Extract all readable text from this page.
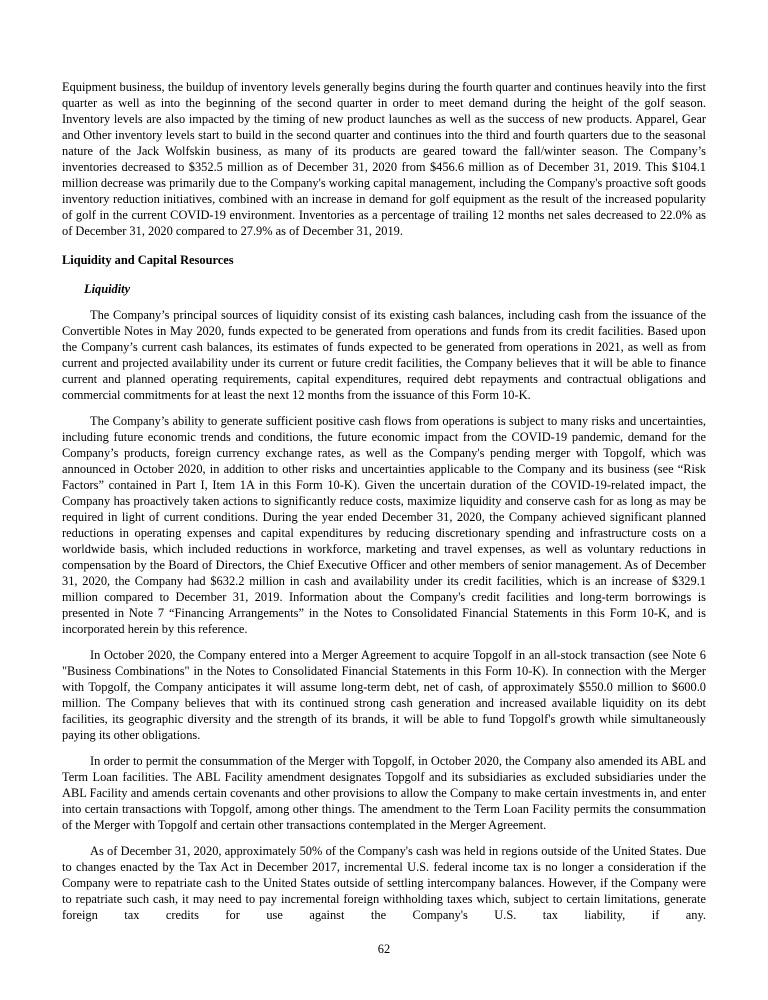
Equipment business, the buildup of inventory levels generally begins during the fourth quarter and continues heavily into the first quarter as well as into the beginning of the second quarter in order to meet demand during the height of the golf season. Inventory levels are also impacted by the timing of new product launches as well as the success of new products. Apparel, Gear and Other inventory levels start to build in the second quarter and continues into the third and fourth quarters due to the seasonal nature of the Jack Wolfskin business, as many of its products are geared toward the fall/winter season. The Company’s inventories decreased to $352.5 million as of December 31, 2020 from $456.6 million as of December 31, 2019. This $104.1 million decrease was primarily due to the Company's working capital management, including the Company's proactive soft goods inventory reduction initiatives, combined with an increase in demand for golf equipment as the result of the increased popularity of golf in the current COVID-19 environment. Inventories as a percentage of trailing 12 months net sales decreased to 22.0% as of December 31, 2020 compared to 27.9% as of December 31, 2019.

Liquidity and Capital Resources
Liquidity

The Company’s principal sources of liquidity consist of its existing cash balances, including cash from the issuance of the Convertible Notes in May 2020, funds expected to be generated from operations and funds from its credit facilities. Based upon the Company’s current cash balances, its estimates of funds expected to be generated from operations in 2021, as well as from current and projected availability under its current or future credit facilities, the Company believes that it will be able to finance current and planned operating requirements, capital expenditures, required debt repayments and contractual obligations and commercial commitments for at least the next 12 months from the issuance of this Form 10-K.

The Company’s ability to generate sufficient positive cash flows from operations is subject to many risks and uncertainties, including future economic trends and conditions, the future economic impact from the COVID-19 pandemic, demand for the Company’s products, foreign currency exchange rates, as well as the Company's pending merger with Topgolf, which was announced in October 2020, in addition to other risks and uncertainties applicable to the Company and its business (see “Risk Factors” contained in Part I, Item 1A in this Form 10-K). Given the uncertain duration of the COVID-19-related impact, the Company has proactively taken actions to significantly reduce costs, maximize liquidity and conserve cash for as long as may be required in light of current conditions. During the year ended December 31, 2020, the Company achieved significant planned reductions in operating expenses and capital expenditures by reducing discretionary spending and infrastructure costs on a worldwide basis, which included reductions in workforce, marketing and travel expenses, as well as voluntary reductions in compensation by the Board of Directors, the Chief Executive Officer and other members of senior management. As of December 31, 2020, the Company had $632.2 million in cash and availability under its credit facilities, which is an increase of $329.1 million compared to December 31, 2019. Information about the Company's credit facilities and long-term borrowings is presented in Note 7 “Financing Arrangements” in the Notes to Consolidated Financial Statements in this Form 10-K, and is incorporated herein by this reference.

In October 2020, the Company entered into a Merger Agreement to acquire Topgolf in an all-stock transaction (see Note 6 "Business Combinations" in the Notes to Consolidated Financial Statements in this Form 10-K). In connection with the Merger with Topgolf, the Company anticipates it will assume long-term debt, net of cash, of approximately $550.0 million to $600.0 million. The Company believes that with its continued strong cash generation and increased available liquidity on its debt facilities, its geographic diversity and the strength of its brands, it will be able to fund Topgolf's growth while simultaneously paying its other obligations.

In order to permit the consummation of the Merger with Topgolf, in October 2020, the Company also amended its ABL and Term Loan facilities. The ABL Facility amendment designates Topgolf and its subsidiaries as excluded subsidiaries under the ABL Facility and amends certain covenants and other provisions to allow the Company to make certain investments in, and enter into certain transactions with Topgolf, among other things. The amendment to the Term Loan Facility permits the consummation of the Merger with Topgolf and certain other transactions contemplated in the Merger Agreement.

As of December 31, 2020, approximately 50% of the Company's cash was held in regions outside of the United States. Due to changes enacted by the Tax Act in December 2017, incremental U.S. federal income tax is no longer a consideration if the Company were to repatriate cash to the United States outside of settling intercompany balances. However, if the Company were to repatriate such cash, it may need to pay incremental foreign withholding taxes which, subject to certain limitations, generate foreign tax credits for use against the Company's U.S. tax liability, if any.

62
